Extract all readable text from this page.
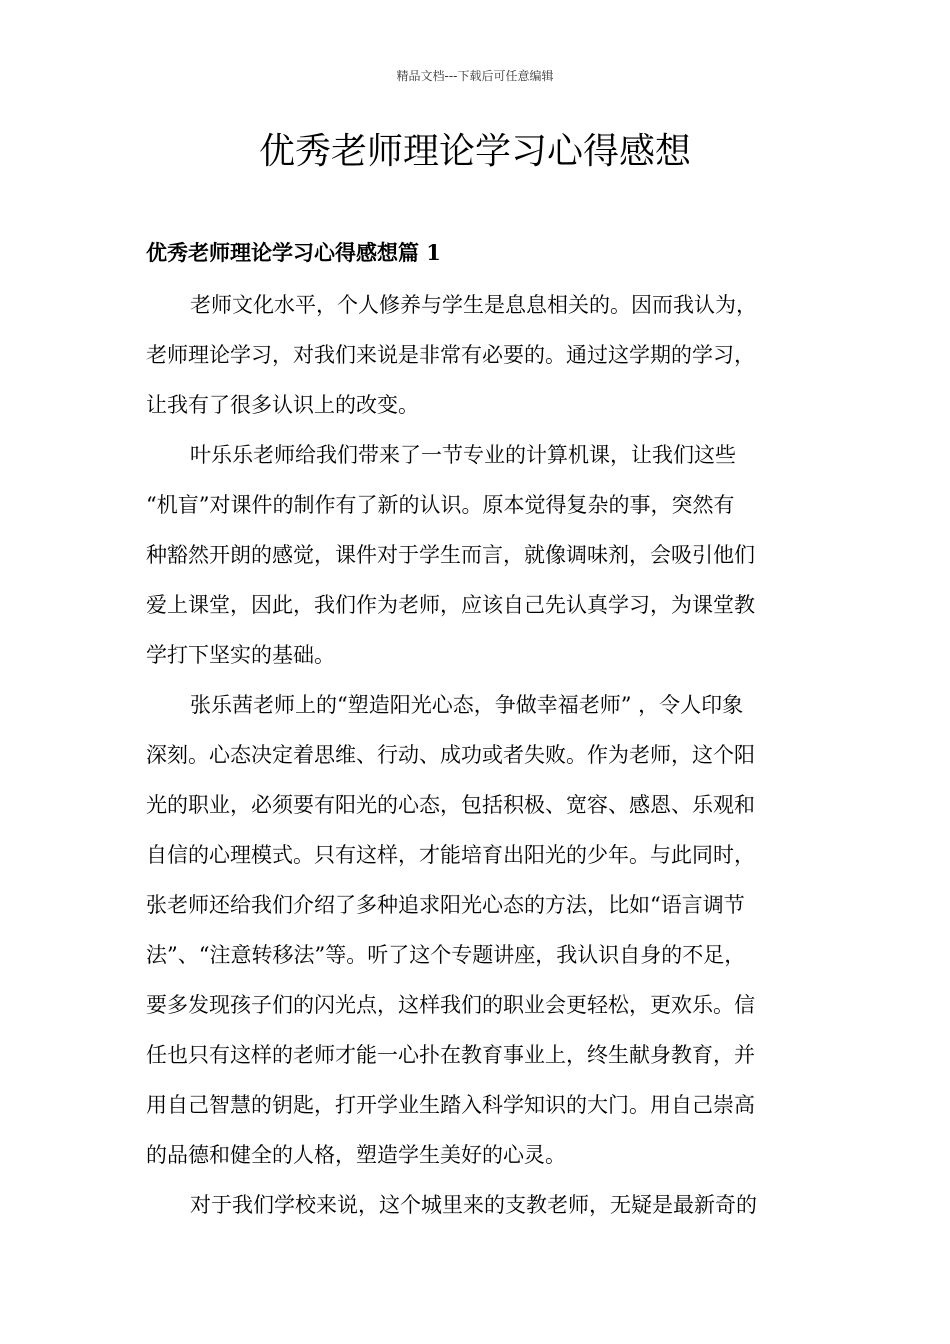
精品文档---下载后可任意编辑
优秀老师理论学习心得感想
优秀老师理论学习心得感想篇 1

老师文化水平，个人修养与学生是息息相关的。因而我认为，
老师理论学习，对我们来说是非常有必要的。通过这学期的学习，
让我有了很多认识上的改变。

叶乐乐老师给我们带来了一节专业的计算机课，让我们这些
“机盲”对课件的制作有了新的认识。原本觉得复杂的事，突然有
种豁然开朗的感觉，课件对于学生而言，就像调味剂，会吸引他们
爱上课堂，因此，我们作为老师，应该自己先认真学习，为课堂教
学打下坚实的基础。

张乐茜老师上的“塑造阳光心态，争做幸福老师” ，令人印象
深刻。心态决定着思维、行动、成功或者失败。作为老师，这个阳
光的职业，必须要有阳光的心态，包括积极、宽容、感恩、乐观和
自信的心理模式。只有这样，才能培育出阳光的少年。与此同时，
张老师还给我们介绍了多种追求阳光心态的方法，比如“语言调节
法”、“注意转移法”等。听了这个专题讲座，我认识自身的不足，
要多发现孩子们的闪光点，这样我们的职业会更轻松，更欢乐。信
任也只有这样的老师才能一心扑在教育事业上，终生献身教育，并
用自己智慧的钥匙，打开学业生踏入科学知识的大门。用自己崇高
的品德和健全的人格，塑造学生美好的心灵。

对于我们学校来说，这个城里来的支教老师，无疑是最新奇的
